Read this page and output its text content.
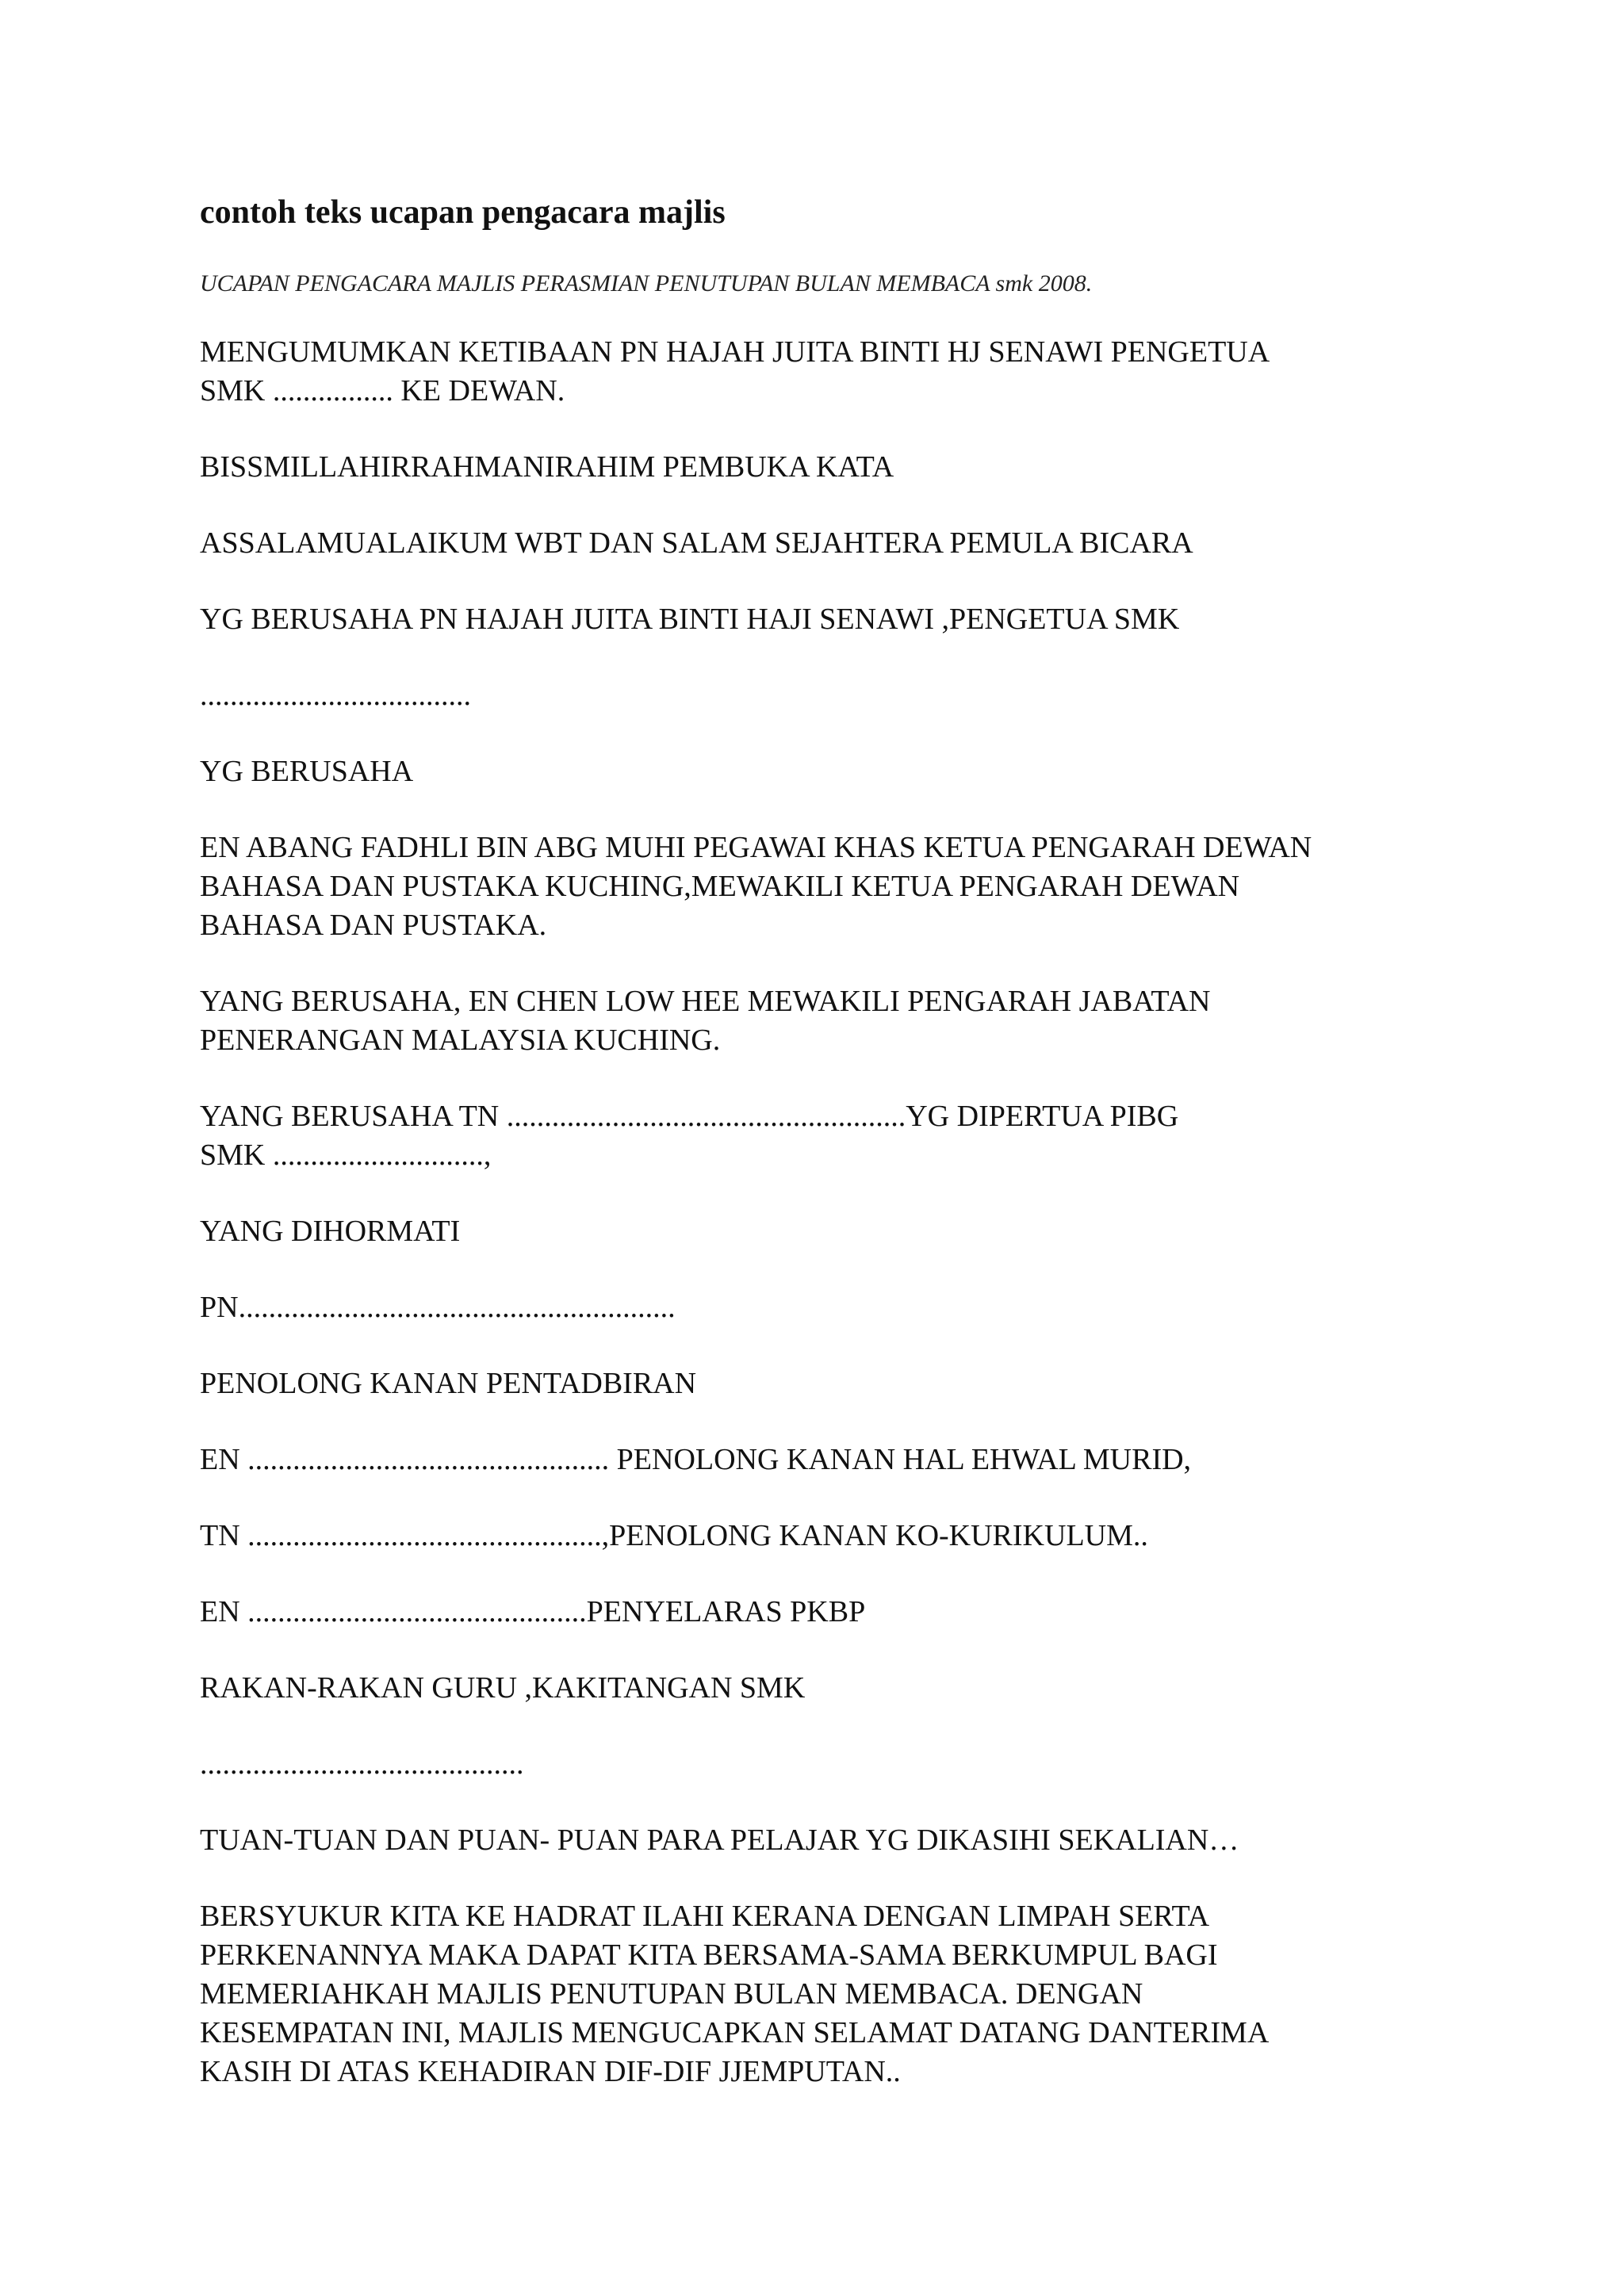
contoh teks ucapan pengacara majlis

UCAPAN PENGACARA MAJLIS PERASMIAN PENUTUPAN BULAN MEMBACA smk 2008.

MENGUMUMKAN KETIBAAN PN HAJAH JUITA BINTI HJ SENAWI PENGETUA
SMK ................ KE DEWAN.

BISSMILLAHIRRAHMANIRAHIM PEMBUKA KATA

ASSALAMUALAIKUM WBT DAN SALAM SEJAHTERA PEMULA BICARA

YG BERUSAHA PN HAJAH JUITA BINTI HAJI SENAWI ,PENGETUA SMK

....................................

YG BERUSAHA

EN ABANG FADHLI BIN ABG MUHI PEGAWAI KHAS KETUA PENGARAH DEWAN
BAHASA DAN PUSTAKA KUCHING,MEWAKILI KETUA PENGARAH DEWAN
BAHASA DAN PUSTAKA.

YANG BERUSAHA, EN CHEN LOW HEE MEWAKILI PENGARAH JABATAN
PENERANGAN MALAYSIA KUCHING.

YANG BERUSAHA TN .....................................................YG DIPERTUA PIBG
SMK ............................,

YANG DIHORMATI

PN..........................................................

PENOLONG KANAN PENTADBIRAN

EN ................................................ PENOLONG KANAN HAL EHWAL MURID,

TN ...............................................,PENOLONG KANAN KO-KURIKULUM..

EN .............................................PENYELARAS PKBP

RAKAN-RAKAN GURU ,KAKITANGAN SMK

...........................................

TUAN-TUAN DAN PUAN- PUAN PARA PELAJAR YG DIKASIHI SEKALIAN…

BERSYUKUR KITA KE HADRAT ILAHI KERANA DENGAN LIMPAH SERTA
PERKENANNYA MAKA DAPAT KITA BERSAMA-SAMA BERKUMPUL BAGI
MEMERIAHKAH MAJLIS PENUTUPAN BULAN MEMBACA. DENGAN
KESEMPATAN INI, MAJLIS MENGUCAPKAN SELAMAT DATANG DANTERIMA
KASIH DI ATAS KEHADIRAN DIF-DIF JJEMPUTAN..
